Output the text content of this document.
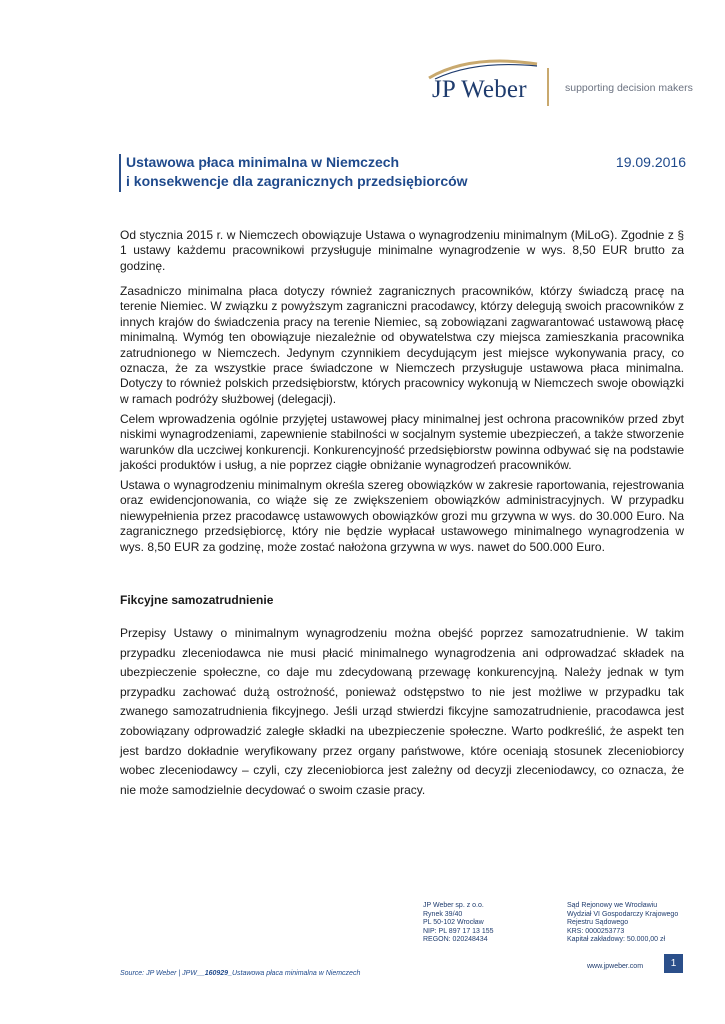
JP Weber	supporting decision makers
Ustawowa płaca minimalna w Niemczech
i konsekwencje dla zagranicznych przedsiębiorców
19.09.2016

Od stycznia 2015 r. w Niemczech obowiązuje Ustawa o wynagrodzeniu minimalnym (MiLoG). Zgodnie z § 1 ustawy każdemu pracownikowi przysługuje minimalne wynagrodzenie w wys. 8,50 EUR brutto za godzinę.

Zasadniczo minimalna płaca dotyczy również zagranicznych pracowników, którzy świadczą pracę na terenie Niemiec. W związku z powyższym zagraniczni pracodawcy, którzy delegują swoich pracowników z innych krajów do świadczenia pracy na terenie Niemiec, są zobowiązani zagwarantować ustawową płacę minimalną. Wymóg ten obowiązuje niezależnie od obywatelstwa czy miejsca zamieszkania pracownika zatrudnionego w Niemczech. Jedynym czynnikiem decydującym jest miejsce wykonywania pracy, co oznacza, że za wszystkie prace świadczone w Niemczech przysługuje ustawowa płaca minimalna. Dotyczy to również polskich przedsiębiorstw, których pracownicy wykonują w Niemczech swoje obowiązki w ramach podróży służbowej (delegacji).

Celem wprowadzenia ogólnie przyjętej ustawowej płacy minimalnej jest ochrona pracowników przed zbyt niskimi wynagrodzeniami, zapewnienie stabilności w socjalnym systemie ubezpieczeń, a także stworzenie warunków dla uczciwej konkurencji. Konkurencyjność przedsiębiorstw powinna odbywać się na podstawie jakości produktów i usług, a nie poprzez ciągłe obniżanie wynagrodzeń pracowników.

Ustawa o wynagrodzeniu minimalnym określa szereg obowiązków w zakresie raportowania, rejestrowania oraz ewidencjonowania, co wiąże się ze zwiększeniem obowiązków administracyjnych. W przypadku niewypełnienia przez pracodawcę ustawowych obowiązków grozi mu grzywna w wys. do 30.000 Euro. Na zagranicznego przedsiębiorcę, który nie będzie wypłacał ustawowego minimalnego wynagrodzenia w wys. 8,50 EUR za godzinę, może zostać nałożona grzywna w wys. nawet do 500.000 Euro.

Fikcyjne samozatrudnienie

Przepisy Ustawy o minimalnym wynagrodzeniu można obejść poprzez samozatrudnienie. W takim przypadku zleceniodawca nie musi płacić minimalnego wynagrodzenia ani odprowadzać składek na ubezpieczenie społeczne, co daje mu zdecydowaną przewagę konkurencyjną. Należy jednak w tym przypadku zachować dużą ostrożność, ponieważ odstępstwo to nie jest możliwe w przypadku tak zwanego samozatrudnienia fikcyjnego. Jeśli urząd stwierdzi fikcyjne samozatrudnienie, pracodawca jest zobowiązany odprowadzić zaległe składki na ubezpieczenie społeczne. Warto podkreślić, że aspekt ten jest bardzo dokładnie weryfikowany przez organy państwowe, które oceniają stosunek zleceniobiorcy wobec zleceniodawcy – czyli, czy zleceniobiorca jest zależny od decyzji zleceniodawcy, co oznacza, że nie może samodzielnie decydować o swoim czasie pracy.

JP Weber sp. z o.o.
Rynek 39/40
PL 50-102 Wrocław
NIP: PL 897 17 13 155
REGON: 020248434
Sąd Rejonowy we Wrocławiu
Wydział VI Gospodarczy Krajowego
Rejestru Sądowego
KRS: 0000253773
Kapitał zakładowy: 50.000,00 zł
www.jpweber.com	1
Source: JP Weber | JPW__160929_Ustawowa płaca minimalna w Niemczech
